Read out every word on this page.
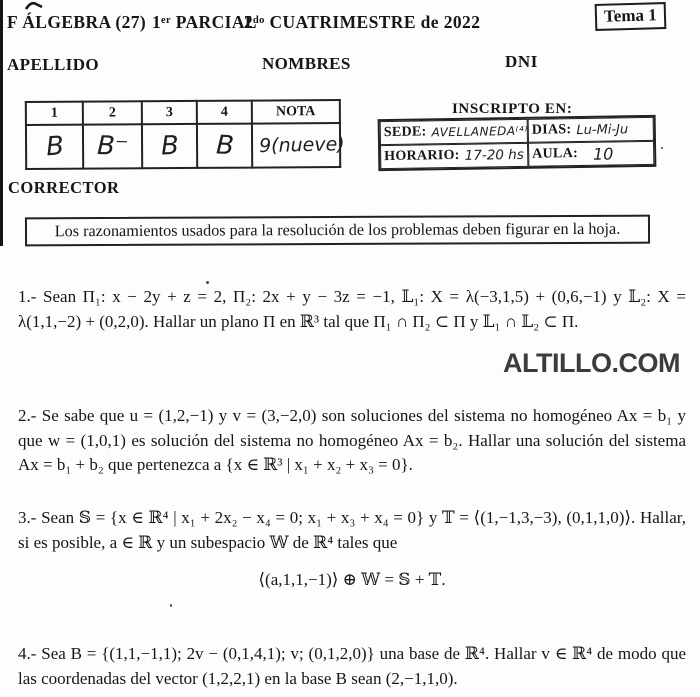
F ÁLGEBRA (27) 1ᵉʳ PARCIAL
2ᵈᵒ CUATRIMESTRE de 2022	Tema 1
APELLIDO	NOMBRES	DNI
1	2	3	4	NOTA
B	B⁻	B	B	9(nueve)
INSCRIPTO EN:
SEDE: AVELLANEDA⁽⁴⁾ DIAS: Lu-Mi-Ju
HORARIO: 17-20 hs AULA: 10
CORRECTOR
Los razonamientos usados para la resolución de los problemas deben figurar en la hoja.
ALTILLO.COM

1.- Sean Π₁: x − 2y + z = 2, Π₂: 2x + y − 3z = −1, 𝕃₁: X = λ(−3,1,5) + (0,6,−1) y 𝕃₂: X = λ(1,1,−2) + (0,2,0). Hallar un plano Π en ℝ³ tal que Π₁ ∩ Π₂ ⊂ Π y 𝕃₁ ∩ 𝕃₂ ⊂ Π.

2.- Se sabe que u = (1,2,−1) y v = (3,−2,0) son soluciones del sistema no homogéneo Ax = b₁ y que w = (1,0,1) es solución del sistema no homogéneo Ax = b₂. Hallar una solución del sistema Ax = b₁ + b₂ que pertenezca a {x ∈ ℝ³ | x₁ + x₂ + x₃ = 0}.

3.- Sean 𝕊 = {x ∈ ℝ⁴ | x₁ + 2x₂ − x₄ = 0; x₁ + x₃ + x₄ = 0} y 𝕋 = ⟨(1,−1,3,−3), (0,1,1,0)⟩. Hallar, si es posible, a ∈ ℝ y un subespacio 𝕎 de ℝ⁴ tales que

⟨(a,1,1,−1)⟩ ⊕ 𝕎 = 𝕊 + 𝕋.

4.- Sea B = {(1,1,−1,1); 2v − (0,1,4,1); v; (0,1,2,0)} una base de ℝ⁴. Hallar v ∈ ℝ⁴ de modo que las coordenadas del vector (1,2,2,1) en la base B sean (2,−1,1,0).
